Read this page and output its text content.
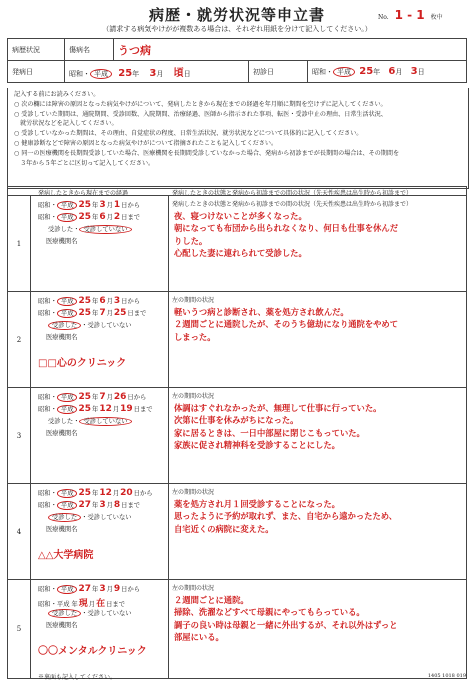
病歴・就労状況等申立書	No. 1 - 1 枚中
（請求する病気やけがが複数ある場合は、それぞれ用紙を分けて記入してください。）
病歴状況	傷病名	うつ病		
発病日	昭和・ 平成 25年 3月 頃日		初診日	昭和・ 平成 25年 6月 3日
記入する前にお読みください。
○ 次の欄には障害の原因となった病気やけがについて、発病したときから現在までの経過を年月順に期間を空けずに記入してください。
○ 受診していた期間は、通院期間、受診回数、入院期間、治療経過、医師から指示された事項、転医・受診中止の理由、日常生活状況、
　就労状況などを記入してください。
○ 受診していなかった期間は、その理由、自覚症状の程度、日常生活状況、就労状況などについて具体的に記入してください。
○ 健康診断などで障害の原因となった病気やけがについて指摘されたことも記入してください。
○ 同一の医療機関を長期間受診していた場合、医療機関を長期間受診していなかった場合、発病から初診までが長期間の場合は、その期間を
　３年から５年ごとに区切って記入してください。
発病したときから現在までの経過	発病したときの状態と発病から初診までの間の状況（先天性疾患は出生時から初診まで）
1
昭和・ 平成 25年3月1日から
昭和・ 平成 25年6月2日まで
受診した・ 受診していない
医療機関名
発病したときの状態と発病から初診までの間の状況（先天性疾患は出生時から初診まで）
夜、寝つけないことが多くなった。
朝になっても布団から出られなくなり、何日も仕事を休んだ
りした。
心配した妻に連れられて受診した。
2
昭和・ 平成 25年6月3日から
昭和・ 平成 25年7月25日まで
受診した ・受診していない
医療機関名
□□心のクリニック
左の期間の状況
軽いうつ病と診断され、薬を処方され飲んだ。
２週間ごとに通院したが、そのうち億劫になり通院をやめて
しまった。
3
昭和・ 平成 25年7月26日から
昭和・ 平成 25年12月19日まで
受診した・ 受診していない
医療機関名
左の期間の状況
体調はすぐれなかったが、無理して仕事に行っていた。
次第に仕事を休みがちになった。
家に居るときは、一日中部屋に閉じこもっていた。
家族に促され精神科を受診することにした。
4
昭和・ 平成 25年12月20日から
昭和・ 平成 27年3月8日まで
受診した ・受診していない
医療機関名
△△大学病院
左の期間の状況
薬を処方され月１回受診することになった。
思ったように予約が取れず、また、自宅から遠かったため、
自宅近くの病院に変えた。
5
昭和・ 平成 27年3月9日から
昭和・平成 年現月在日まで
受診した ・受診していない
医療機関名
〇〇メンタルクリニック
左の期間の状況
２週間ごとに通院。
掃除、洗濯などすべて母親にやってもらっている。
調子の良い時は母親と一緒に外出するが、それ以外はずっと
部屋にいる。
※裏面も記入してください。	1405 1018 019
